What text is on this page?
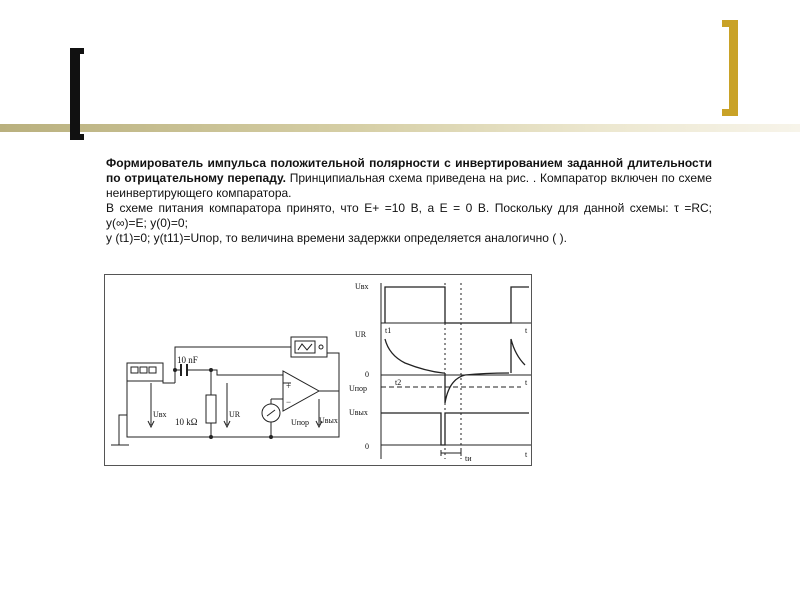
Формирователь импульса положительной полярности с инвертированием заданной длительности по отрицательному перепаду. Принципиальная схема приведена на рис. . Компаратор включен по схеме неинвертирующего компаратора.

В схеме питания компаратора принято, что E+ =10 В, а E = 0 В. Поскольку для данной схемы: τ =RC; y(∞)=E; y(0)=0;

y (t1)=0; y(t11)=Uпор, то величина времени задержки определяется аналогично ( ).

10 nF
10 kΩ
Uвх	UR
Uпор Uвых
+
−
Uвх
UR
Uпор
Uвых
0
0
t1
t2
t
t
t
tи
